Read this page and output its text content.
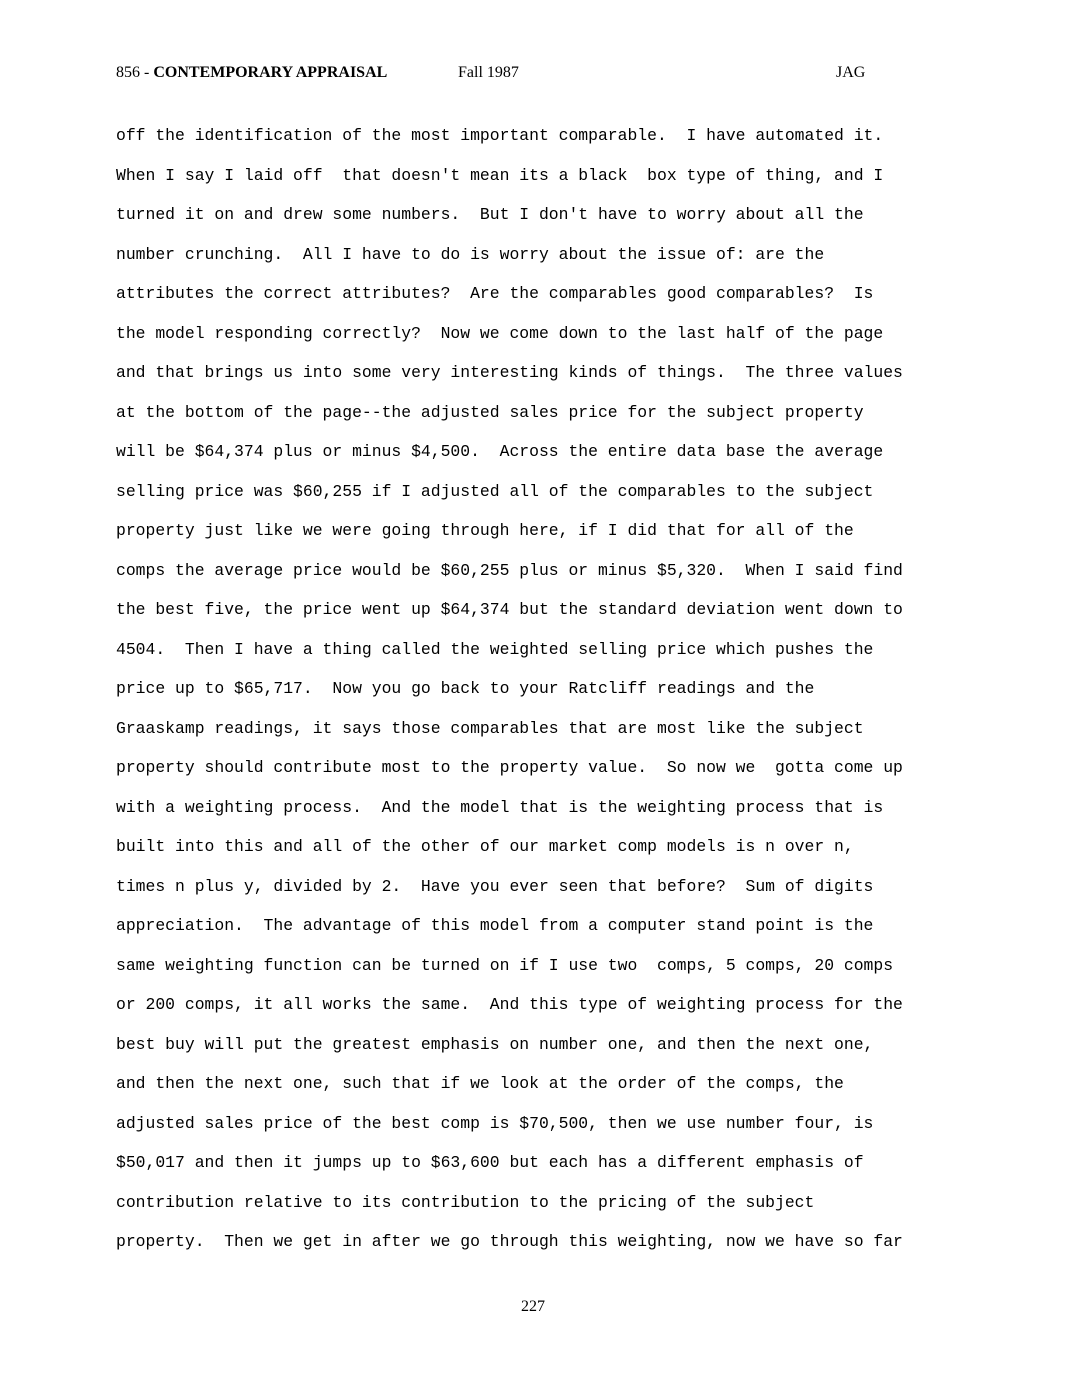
856 - CONTEMPORARY APPRAISAL	Fall 1987	JAG
off the identification of the most important comparable.  I have automated it.
When I say I laid off  that doesn't mean its a black  box type of thing, and I
turned it on and drew some numbers.  But I don't have to worry about all the
number crunching.  All I have to do is worry about the issue of: are the
attributes the correct attributes?  Are the comparables good comparables?  Is
the model responding correctly?  Now we come down to the last half of the page
and that brings us into some very interesting kinds of things.  The three values
at the bottom of the page--the adjusted sales price for the subject property
will be $64,374 plus or minus $4,500.  Across the entire data base the average
selling price was $60,255 if I adjusted all of the comparables to the subject
property just like we were going through here, if I did that for all of the
comps the average price would be $60,255 plus or minus $5,320.  When I said find
the best five, the price went up $64,374 but the standard deviation went down to
4504.  Then I have a thing called the weighted selling price which pushes the
price up to $65,717.  Now you go back to your Ratcliff readings and the
Graaskamp readings, it says those comparables that are most like the subject
property should contribute most to the property value.  So now we  gotta come up
with a weighting process.  And the model that is the weighting process that is
built into this and all of the other of our market comp models is n over n,
times n plus y, divided by 2.  Have you ever seen that before?  Sum of digits
appreciation.  The advantage of this model from a computer stand point is the
same weighting function can be turned on if I use two  comps, 5 comps, 20 comps
or 200 comps, it all works the same.  And this type of weighting process for the
best buy will put the greatest emphasis on number one, and then the next one,
and then the next one, such that if we look at the order of the comps, the
adjusted sales price of the best comp is $70,500, then we use number four, is
$50,017 and then it jumps up to $63,600 but each has a different emphasis of
contribution relative to its contribution to the pricing of the subject
property.  Then we get in after we go through this weighting, now we have so far
227
